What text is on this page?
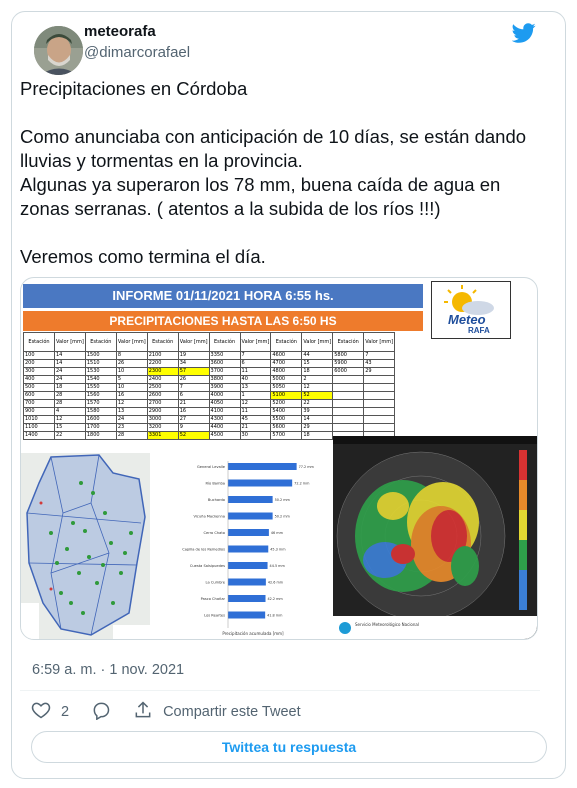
meteorafa
@dimarcorafael
Precipitaciones en Córdoba

Como anunciaba con anticipación de 10 días, se están dando lluvias y tormentas en la provincia.
Algunas ya superaron los 78 mm, buena caída de agua en zonas serranas. ( atentos a la subida de los ríos !!!)

Veremos como termina el día.
INFORME 01/11/2021 HORA 6:55 hs.
PRECIPITACIONES HASTA LAS 6:50 HS	Meteo
RAFA
Estación	Valor [mm]	Estación	Valor [mm]	Estación	Valor [mm]	Estación	Valor [mm]	Estación	Valor [mm]	Estación	Valor [mm]
100	14	1500	8	2100	19	3350	7	4600	44	5800	7
200	14	1510	26	2200	34	3600	6	4700	15	5900	43
300	24	1530	10	2300	57	3700	11	4800	18	6000	29
400	24	1540	5	2400	26	3800	40	5000	2		
500	18	1550	10	2500	7	3900	13	5050	12		
600	28	1560	16	2600	6	4000	1	5100	52		
700	28	1570	12	2700	21	4050	12	5200	22		
900	4	1580	13	2900	16	4100	11	5400	39		
1010	12	1600	24	3000	27	4300	45	5500	14		
1100	15	1700	23	3200	9	4400	21	5600	29		
1400	22	1800	28	3301	52	4500	30	5700	18		
General Levalle	77.2 mm
Río Bamba	72.2 mm
Buchardo	50.2 mm
Vicuña Mackenna	50.2 mm
Cerro Chato	46 mm
Capilla de los Remedios	45.3 mm
Cuesta Salsipuedes	44.5 mm
La Cumbre	42.6 mm
Pasco Chañar	42.2 mm
Los Reartes	41.8 mm
Precipitación acumulada [mm]
Servicio Meteorológico Nacional
6:59 a. m. · 1 nov. 2021
2	Compartir este Tweet
Twittea tu respuesta
